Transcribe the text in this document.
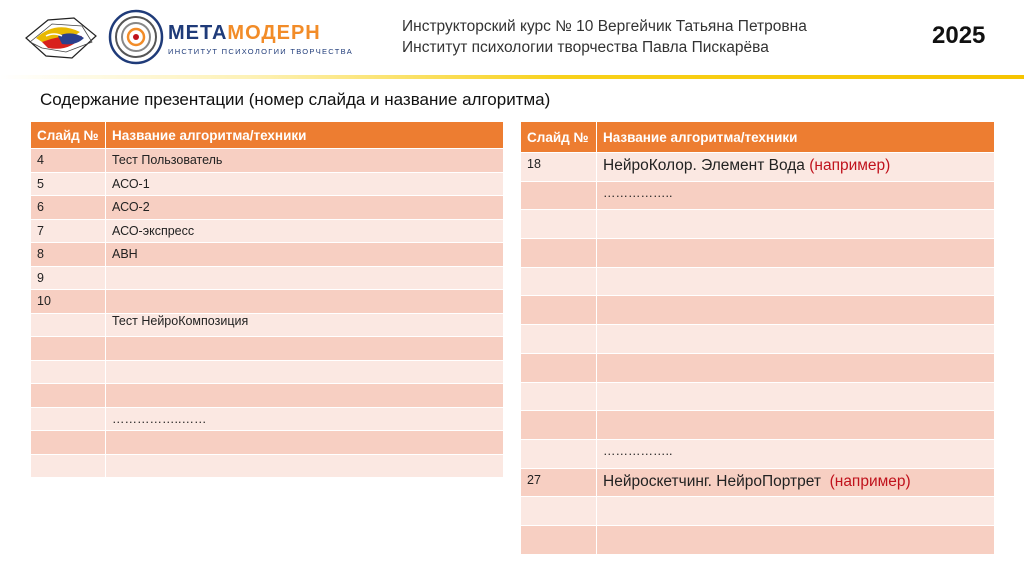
МЕТАМОДЕРН
ИНСТИТУТ ПСИХОЛОГИИ ТВОРЧЕСТВА
Инструкторский курс № 10 Вергейчик Татьяна Петровна
Институт психологии творчества Павла Пискарёва	2025
Содержание презентации (номер слайда и название алгоритма)
Слайд №	Название алгоритма/техники
4	Тест Пользователь
5	АСО-1
6	АСО-2
7	АСО-экспресс
8	АВН
9	
10	
	Тест НейроКомпозиция

	……………..……

Слайд №	Название алгоритма/техники
18	НейроКолор. Элемент Вода (например)
	……………..

	……………..
27	Нейроскетчинг. НейроПортрет (например)
